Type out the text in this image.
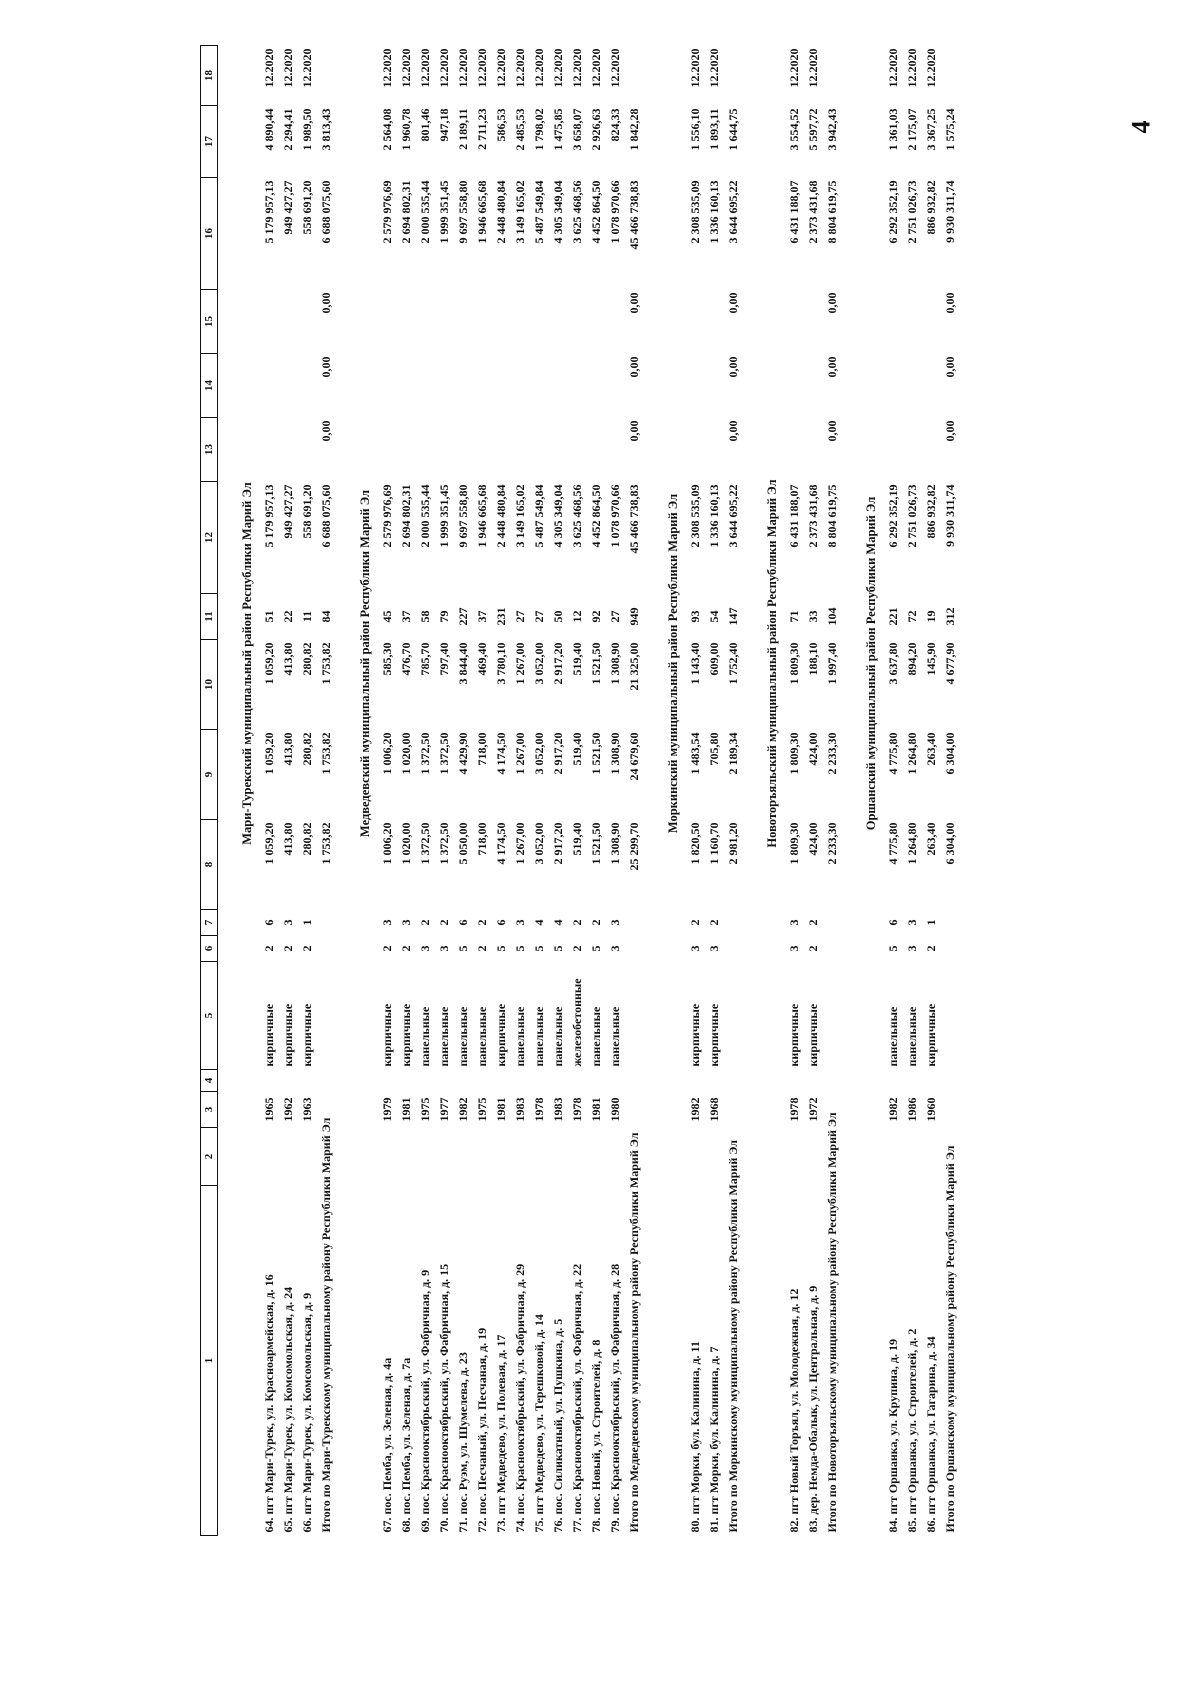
4
1	2	3	4	5	6	7	8	9	10	11	12	13	14	15	16	17	18

							Мари-Турекский муниципальный район Республики Марий Эл										
64. пгт Мари-Турек, ул. Красноармейская, д. 16		1965		кирпичные	2	6	1 059,20	1 059,20	1 059,20	51	5 179 957,13				5 179 957,13	4 890,44	12.2020
65. пгт Мари-Турек, ул. Комсомольская, д. 24		1962		кирпичные	2	3	413,80	413,80	413,80	22	949 427,27				949 427,27	2 294,41	12.2020
66. пгт Мари-Турек, ул. Комсомольская, д. 9		1963		кирпичные	2	1	280,82	280,82	280,82	11	558 691,20				558 691,20	1 989,50	12.2020
Итого по Мари-Турекскому муниципальному району Республики Марий Эл							1 753,82	1 753,82	1 753,82	84	6 688 075,60	0,00	0,00	0,00	6 688 075,60	3 813,43	

							Медведевский муниципальный район Республики Марий Эл										
67. пос. Пемба, ул. Зеленая, д. 4а		1979		кирпичные	2	3	1 006,20	1 006,20	585,30	45	2 579 976,69				2 579 976,69	2 564,08	12.2020
68. пос. Пемба, ул. Зеленая, д. 7а		1981		кирпичные	2	3	1 020,00	1 020,00	476,70	37	2 694 802,31				2 694 802,31	1 960,78	12.2020
69. пос. Краснооктябрьский, ул. Фабричная, д. 9		1975		панельные	3	2	1 372,50	1 372,50	785,70	58	2 000 535,44				2 000 535,44	801,46	12.2020
70. пос. Краснооктябрьский, ул. Фабричная, д. 15		1977		панельные	3	2	1 372,50	1 372,50	797,40	79	1 999 351,45				1 999 351,45	947,18	12.2020
71. пос. Руэм, ул. Шумелева, д. 23		1982		панельные	5	6	5 050,00	4 429,90	3 844,40	227	9 697 558,80				9 697 558,80	2 189,11	12.2020
72. пос. Песчаный, ул. Песчаная, д. 19		1975		панельные	2	2	718,00	718,00	469,40	37	1 946 665,68				1 946 665,68	2 711,23	12.2020
73. пгт Медведево, ул. Полевая, д. 17		1981		кирпичные	5	6	4 174,50	4 174,50	3 780,10	231	2 448 480,84				2 448 480,84	586,53	12.2020
74. пос. Краснооктябрьский, ул. Фабричная, д. 29		1983		панельные	5	3	1 267,00	1 267,00	1 267,00	27	3 149 165,02				3 149 165,02	2 485,53	12.2020
75. пгт Медведево, ул. Терешковой, д. 14		1978		панельные	5	4	3 052,00	3 052,00	3 052,00	27	5 487 549,84				5 487 549,84	1 798,02	12.2020
76. пос. Силикатный, ул. Пушкина, д. 5		1983		панельные	5	4	2 917,20	2 917,20	2 917,20	50	4 305 349,04				4 305 349,04	1 475,85	12.2020
77. пос. Краснооктябрьский, ул. Фабричная, д. 22		1978		железобетонные	2	2	519,40	519,40	519,40	12	3 625 468,56				3 625 468,56	3 658,07	12.2020
78. пос. Новый, ул. Строителей, д. 8		1981		панельные	5	2	1 521,50	1 521,50	1 521,50	92	4 452 864,50				4 452 864,50	2 926,63	12.2020
79. пос. Краснооктябрьский, ул. Фабричная, д. 28		1980		панельные	3	3	1 308,90	1 308,90	1 308,90	27	1 078 970,66				1 078 970,66	824,33	12.2020
Итого по Медведевскому муниципальному району Республики Марий Эл							25 299,70	24 679,60	21 325,00	949	45 466 738,83	0,00	0,00	0,00	45 466 738,83	1 842,28	

							Моркинский муниципальный район Республики Марий Эл										
80. пгт Морки, бул. Калинина, д. 11		1982		кирпичные	3	2	1 820,50	1 483,54	1 143,40	93	2 308 535,09				2 308 535,09	1 556,10	12.2020
81. пгт Морки, бул. Калинина, д. 7		1968		кирпичные	3	2	1 160,70	705,80	609,00	54	1 336 160,13				1 336 160,13	1 893,11	12.2020
Итого по Моркинскому муниципальному району Республики Марий Эл							2 981,20	2 189,34	1 752,40	147	3 644 695,22	0,00	0,00	0,00	3 644 695,22	1 644,75	

							Новоторъяльский муниципальный район Республики Марий Эл										
82. пгт Новый Торъял, ул. Молодежная, д. 12		1978		кирпичные	3	3	1 809,30	1 809,30	1 809,30	71	6 431 188,07				6 431 188,07	3 554,52	12.2020
83. дер. Немда-Обалык, ул. Центральная, д. 9		1972		кирпичные	2	2	424,00	424,00	188,10	33	2 373 431,68				2 373 431,68	5 597,72	12.2020
Итого по Новоторъяльскому муниципальному району Республики Марий Эл							2 233,30	2 233,30	1 997,40	104	8 804 619,75	0,00	0,00	0,00	8 804 619,75	3 942,43	

							Оршанский муниципальный район Республики Марий Эл										
84. пгт Оршанка, ул. Крупина, д. 19		1982		панельные	5	6	4 775,80	4 775,80	3 637,80	221	6 292 352,19				6 292 352,19	1 361,03	12.2020
85. пгт Оршанка, ул. Строителей, д. 2		1986		панельные	3	3	1 264,80	1 264,80	894,20	72	2 751 026,73				2 751 026,73	2 175,07	12.2020
86. пгт Оршанка, ул. Гагарина, д. 34		1960		кирпичные	2	1	263,40	263,40	145,90	19	886 932,82				886 932,82	3 367,25	12.2020
Итого по Оршанскому муниципальному району Республики Марий Эл							6 304,00	6 304,00	4 677,90	312	9 930 311,74	0,00	0,00	0,00	9 930 311,74	1 575,24	
